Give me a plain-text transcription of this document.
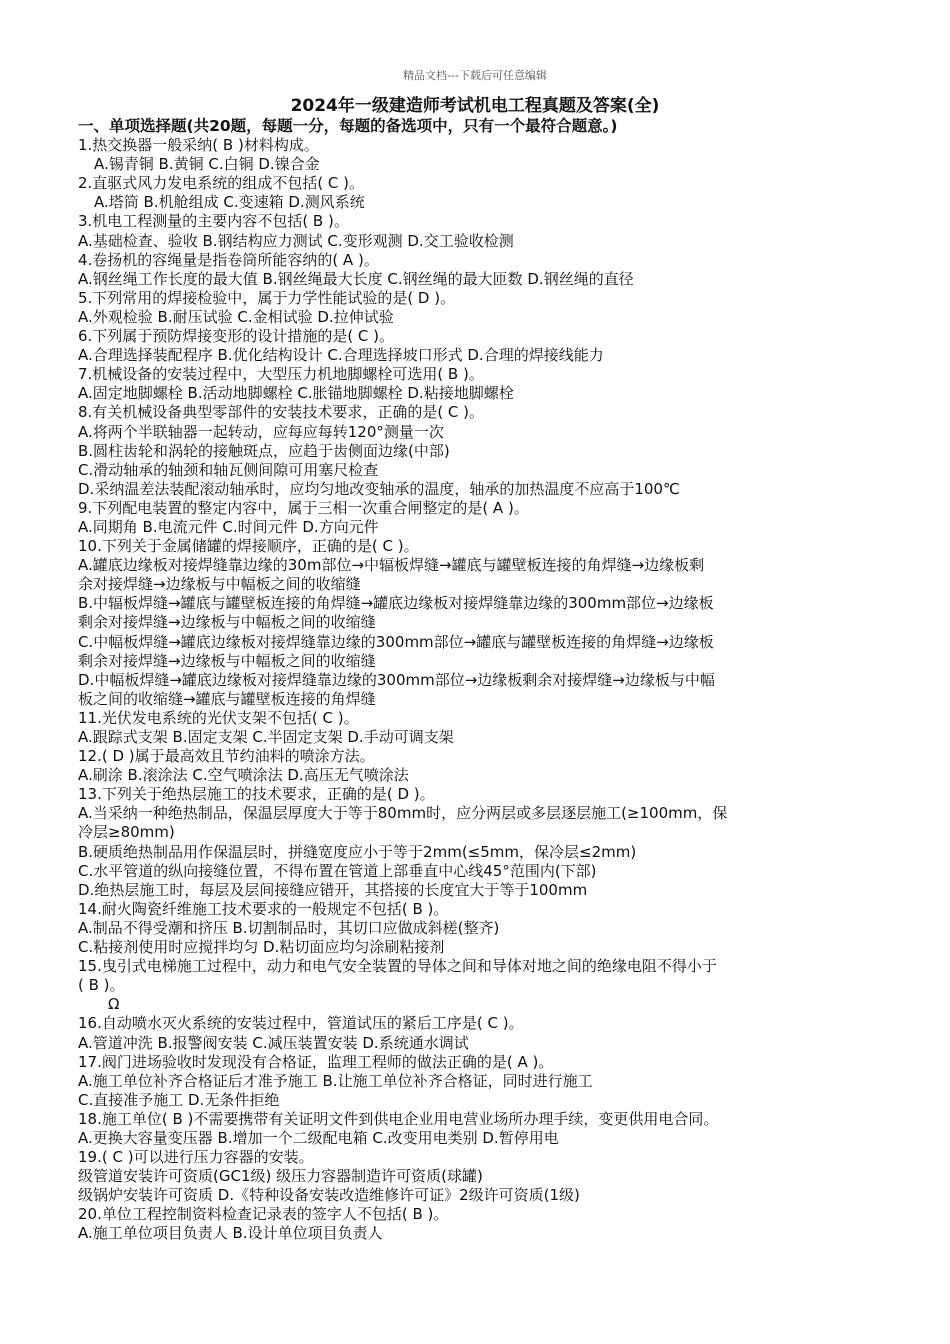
精品文档---下载后可任意编辑
2024年一级建造师考试机电工程真题及答案(全)
一、单项选择题(共20题，每题一分，每题的备选项中，只有一个最符合题意。)
1.热交换器一般采纳( B )材料构成。
A.锡青铜 B.黄铜 C.白铜 D.镍合金
2.直驱式风力发电系统的组成不包括( C )。
A.塔筒 B.机舱组成 C.变速箱 D.测风系统
3.机电工程测量的主要内容不包括( B )。
A.基础检查、验收 B.钢结构应力测试 C.变形观测 D.交工验收检测
4.卷扬机的容绳量是指卷筒所能容纳的( A )。
A.钢丝绳工作长度的最大值 B.钢丝绳最大长度 C.钢丝绳的最大匝数 D.钢丝绳的直径
5.下列常用的焊接检验中，属于力学性能试验的是( D )。
A.外观检验 B.耐压试验 C.金相试验 D.拉伸试验
6.下列属于预防焊接变形的设计措施的是( C )。
A.合理选择装配程序 B.优化结构设计 C.合理选择坡口形式 D.合理的焊接线能力
7.机械设备的安装过程中，大型压力机地脚螺栓可选用( B )。
A.固定地脚螺栓 B.活动地脚螺栓 C.胀锚地脚螺栓 D.粘接地脚螺栓
8.有关机械设备典型零部件的安装技术要求，正确的是( C )。
A.将两个半联轴器一起转动，应每应每转120°测量一次
B.圆柱齿轮和涡轮的接触斑点，应趋于齿侧面边缘(中部)
C.滑动轴承的轴颈和轴瓦侧间隙可用塞尺检查
D.采纳温差法装配滚动轴承时，应均匀地改变轴承的温度，轴承的加热温度不应高于100℃
9.下列配电装置的整定内容中，属于三相一次重合闸整定的是( A )。
A.同期角 B.电流元件 C.时间元件 D.方向元件
10.下列关于金属储罐的焊接顺序，正确的是( C )。
A.罐底边缘板对接焊缝靠边缘的30m部位→中辐板焊缝→罐底与罐壁板连接的角焊缝→边缘板剩
余对接焊缝→边缘板与中幅板之间的收缩缝
B.中辐板焊缝→罐底与罐壁板连接的角焊缝→罐底边缘板对接焊缝靠边缘的300mm部位→边缘板
剩余对接焊缝→边缘板与中幅板之间的收缩缝
C.中幅板焊缝→罐底边缘板对接焊缝靠边缘的300mm部位→罐底与罐壁板连接的角焊缝→边缘板
剩余对接焊缝→边缘板与中幅板之间的收缩缝
D.中幅板焊缝→罐底边缘板对接焊缝靠边缘的300mm部位→边缘板剩余对接焊缝→边缘板与中幅
板之间的收缩缝→罐底与罐壁板连接的角焊缝
11.光伏发电系统的光伏支架不包括( C )。
A.跟踪式支架 B.固定支架 C.半固定支架 D.手动可调支架
12.( D )属于最高效且节约油料的喷涂方法。
A.刷涂 B.滚涂法 C.空气喷涂法 D.高压无气喷涂法
13.下列关于绝热层施工的技术要求，正确的是( D )。
A.当采纳一种绝热制品，保温层厚度大于等于80mm时，应分两层或多层逐层施工(≥100mm，保
冷层≥80mm)
B.硬质绝热制品用作保温层时，拼缝宽度应小于等于2mm(≤5mm，保冷层≤2mm)
C.水平管道的纵向接缝位置，不得布置在管道上部垂直中心线45°范围内(下部)
D.绝热层施工时，每层及层间接缝应错开，其搭接的长度宜大于等于100mm
14.耐火陶瓷纤维施工技术要求的一般规定不包括( B )。
A.制品不得受潮和挤压 B.切割制品时，其切口应做成斜槎(整齐)
C.粘接剂使用时应搅拌均匀 D.粘切面应均匀涂刷粘接剂
15.曳引式电梯施工过程中，动力和电气安全装置的导体之间和导体对地之间的绝缘电阻不得小于
( B )。
Ω
16.自动喷水灭火系统的安装过程中，管道试压的紧后工序是( C )。
A.管道冲洗 B.报警阀安装 C.减压装置安装 D.系统通水调试
17.阀门进场验收时发现没有合格证，监理工程师的做法正确的是( A )。
A.施工单位补齐合格证后才准予施工 B.让施工单位补齐合格证，同时进行施工
C.直接准予施工 D.无条件拒绝
18.施工单位( B )不需要携带有关证明文件到供电企业用电营业场所办理手续，变更供用电合同。
A.更换大容量变压器 B.增加一个二级配电箱 C.改变用电类别 D.暂停用电
19.( C )可以进行压力容器的安装。
级管道安装许可资质(GC1级) 级压力容器制造许可资质(球罐)
级锅炉安装许可资质 D.《特种设备安装改造维修许可证》2级许可资质(1级)
20.单位工程控制资料检查记录表的签字人不包括( B )。
A.施工单位项目负责人 B.设计单位项目负责人
